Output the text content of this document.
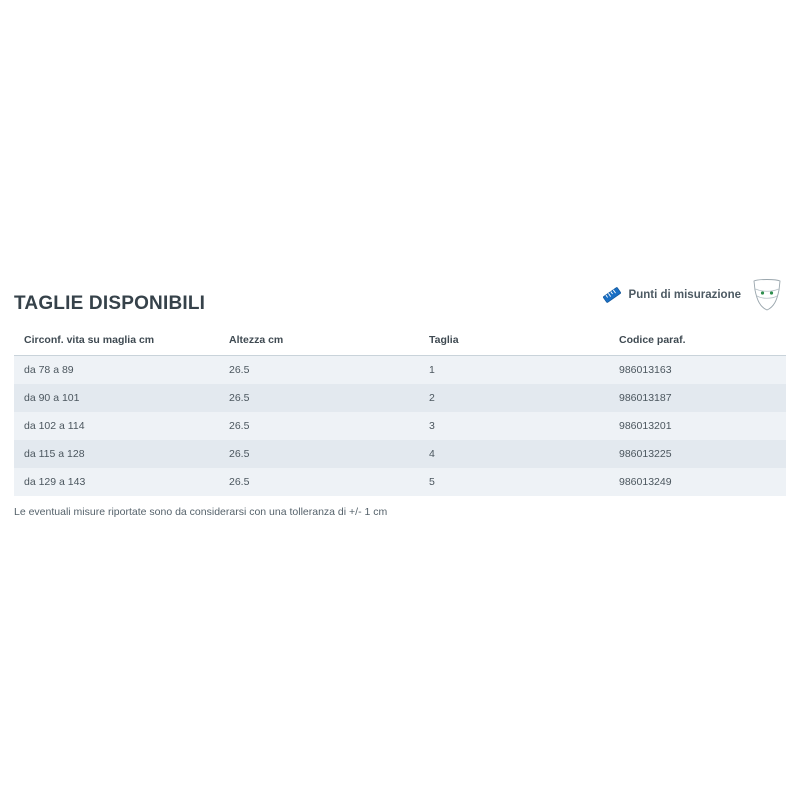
TAGLIE DISPONIBILI	Punti di misurazione
Circonf. vita su maglia cm	Altezza cm	Taglia	Codice paraf.
da 78 a 89	26.5	1	986013163
da 90 a 101	26.5	2	986013187
da 102 a 114	26.5	3	986013201
da 115 a 128	26.5	4	986013225
da 129 a 143	26.5	5	986013249

Le eventuali misure riportate sono da considerarsi con una tolleranza di +/- 1 cm
